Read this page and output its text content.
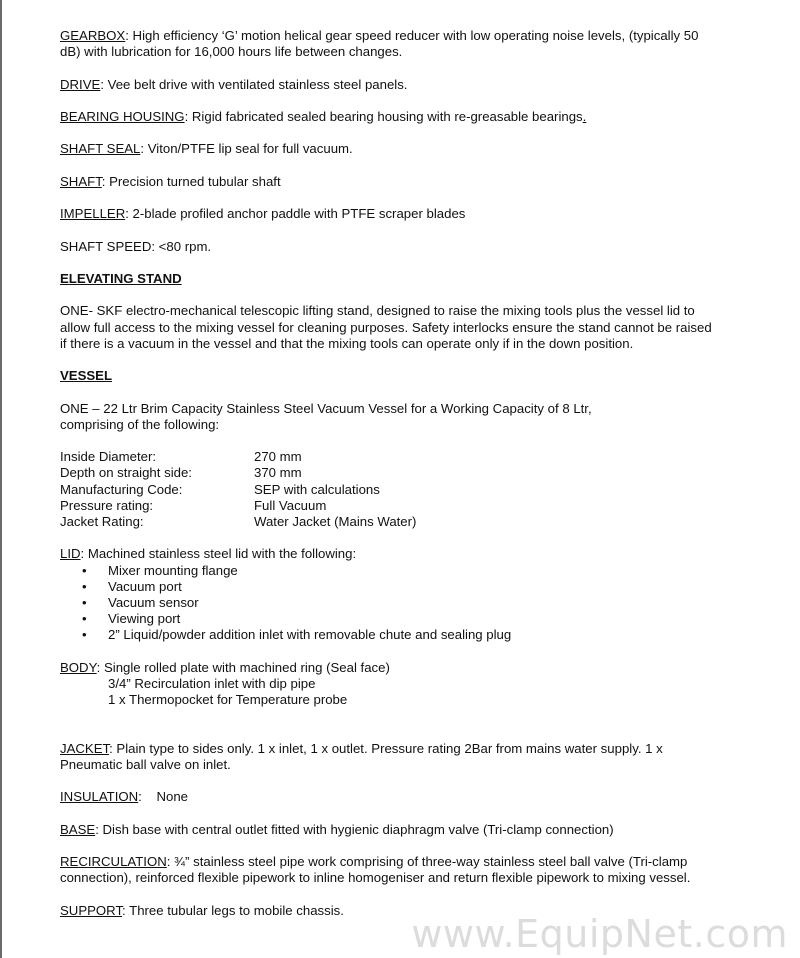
GEARBOX: High efficiency ‘G’ motion helical gear speed reducer with low operating noise levels, (typically 50 dB) with lubrication for 16,000 hours life between changes.

DRIVE: Vee belt drive with ventilated stainless steel panels.

BEARING HOUSING: Rigid fabricated sealed bearing housing with re-greasable bearings.

SHAFT SEAL: Viton/PTFE lip seal for full vacuum.

SHAFT: Precision turned tubular shaft

IMPELLER: 2-blade profiled anchor paddle with PTFE scraper blades

SHAFT SPEED: <80 rpm.

ELEVATING STAND

ONE- SKF electro-mechanical telescopic lifting stand, designed to raise the mixing tools plus the vessel lid to allow full access to the mixing vessel for cleaning purposes. Safety interlocks ensure the stand cannot be raised if there is a vacuum in the vessel and that the mixing tools can operate only if in the down position.

VESSEL

ONE – 22 Ltr Brim Capacity Stainless Steel Vacuum Vessel for a Working Capacity of 8 Ltr, comprising of the following:

Inside Diameter:	270 mm
Depth on straight side:	370 mm
Manufacturing Code:	SEP with calculations
Pressure rating:	Full Vacuum
Jacket Rating:	Water Jacket (Mains Water)
LID: Machined stainless steel lid with the following:
• Mixer mounting flange
• Vacuum port
• Vacuum sensor
• Viewing port
• 2” Liquid/powder addition inlet with removable chute and sealing plug
BODY: Single rolled plate with machined ring (Seal face)
3/4” Recirculation inlet with dip pipe
1 x Thermopocket for Temperature probe

JACKET: Plain type to sides only. 1 x inlet, 1 x outlet. Pressure rating 2Bar from mains water supply. 1 x Pneumatic ball valve on inlet.

INSULATION:    None

BASE: Dish base with central outlet fitted with hygienic diaphragm valve (Tri-clamp connection)

RECIRCULATION: ¾” stainless steel pipe work comprising of three-way stainless steel ball valve (Tri-clamp connection), reinforced flexible pipework to inline homogeniser and return flexible pipework to mixing vessel.

SUPPORT: Three tubular legs to mobile chassis.

www.EquipNet.com
